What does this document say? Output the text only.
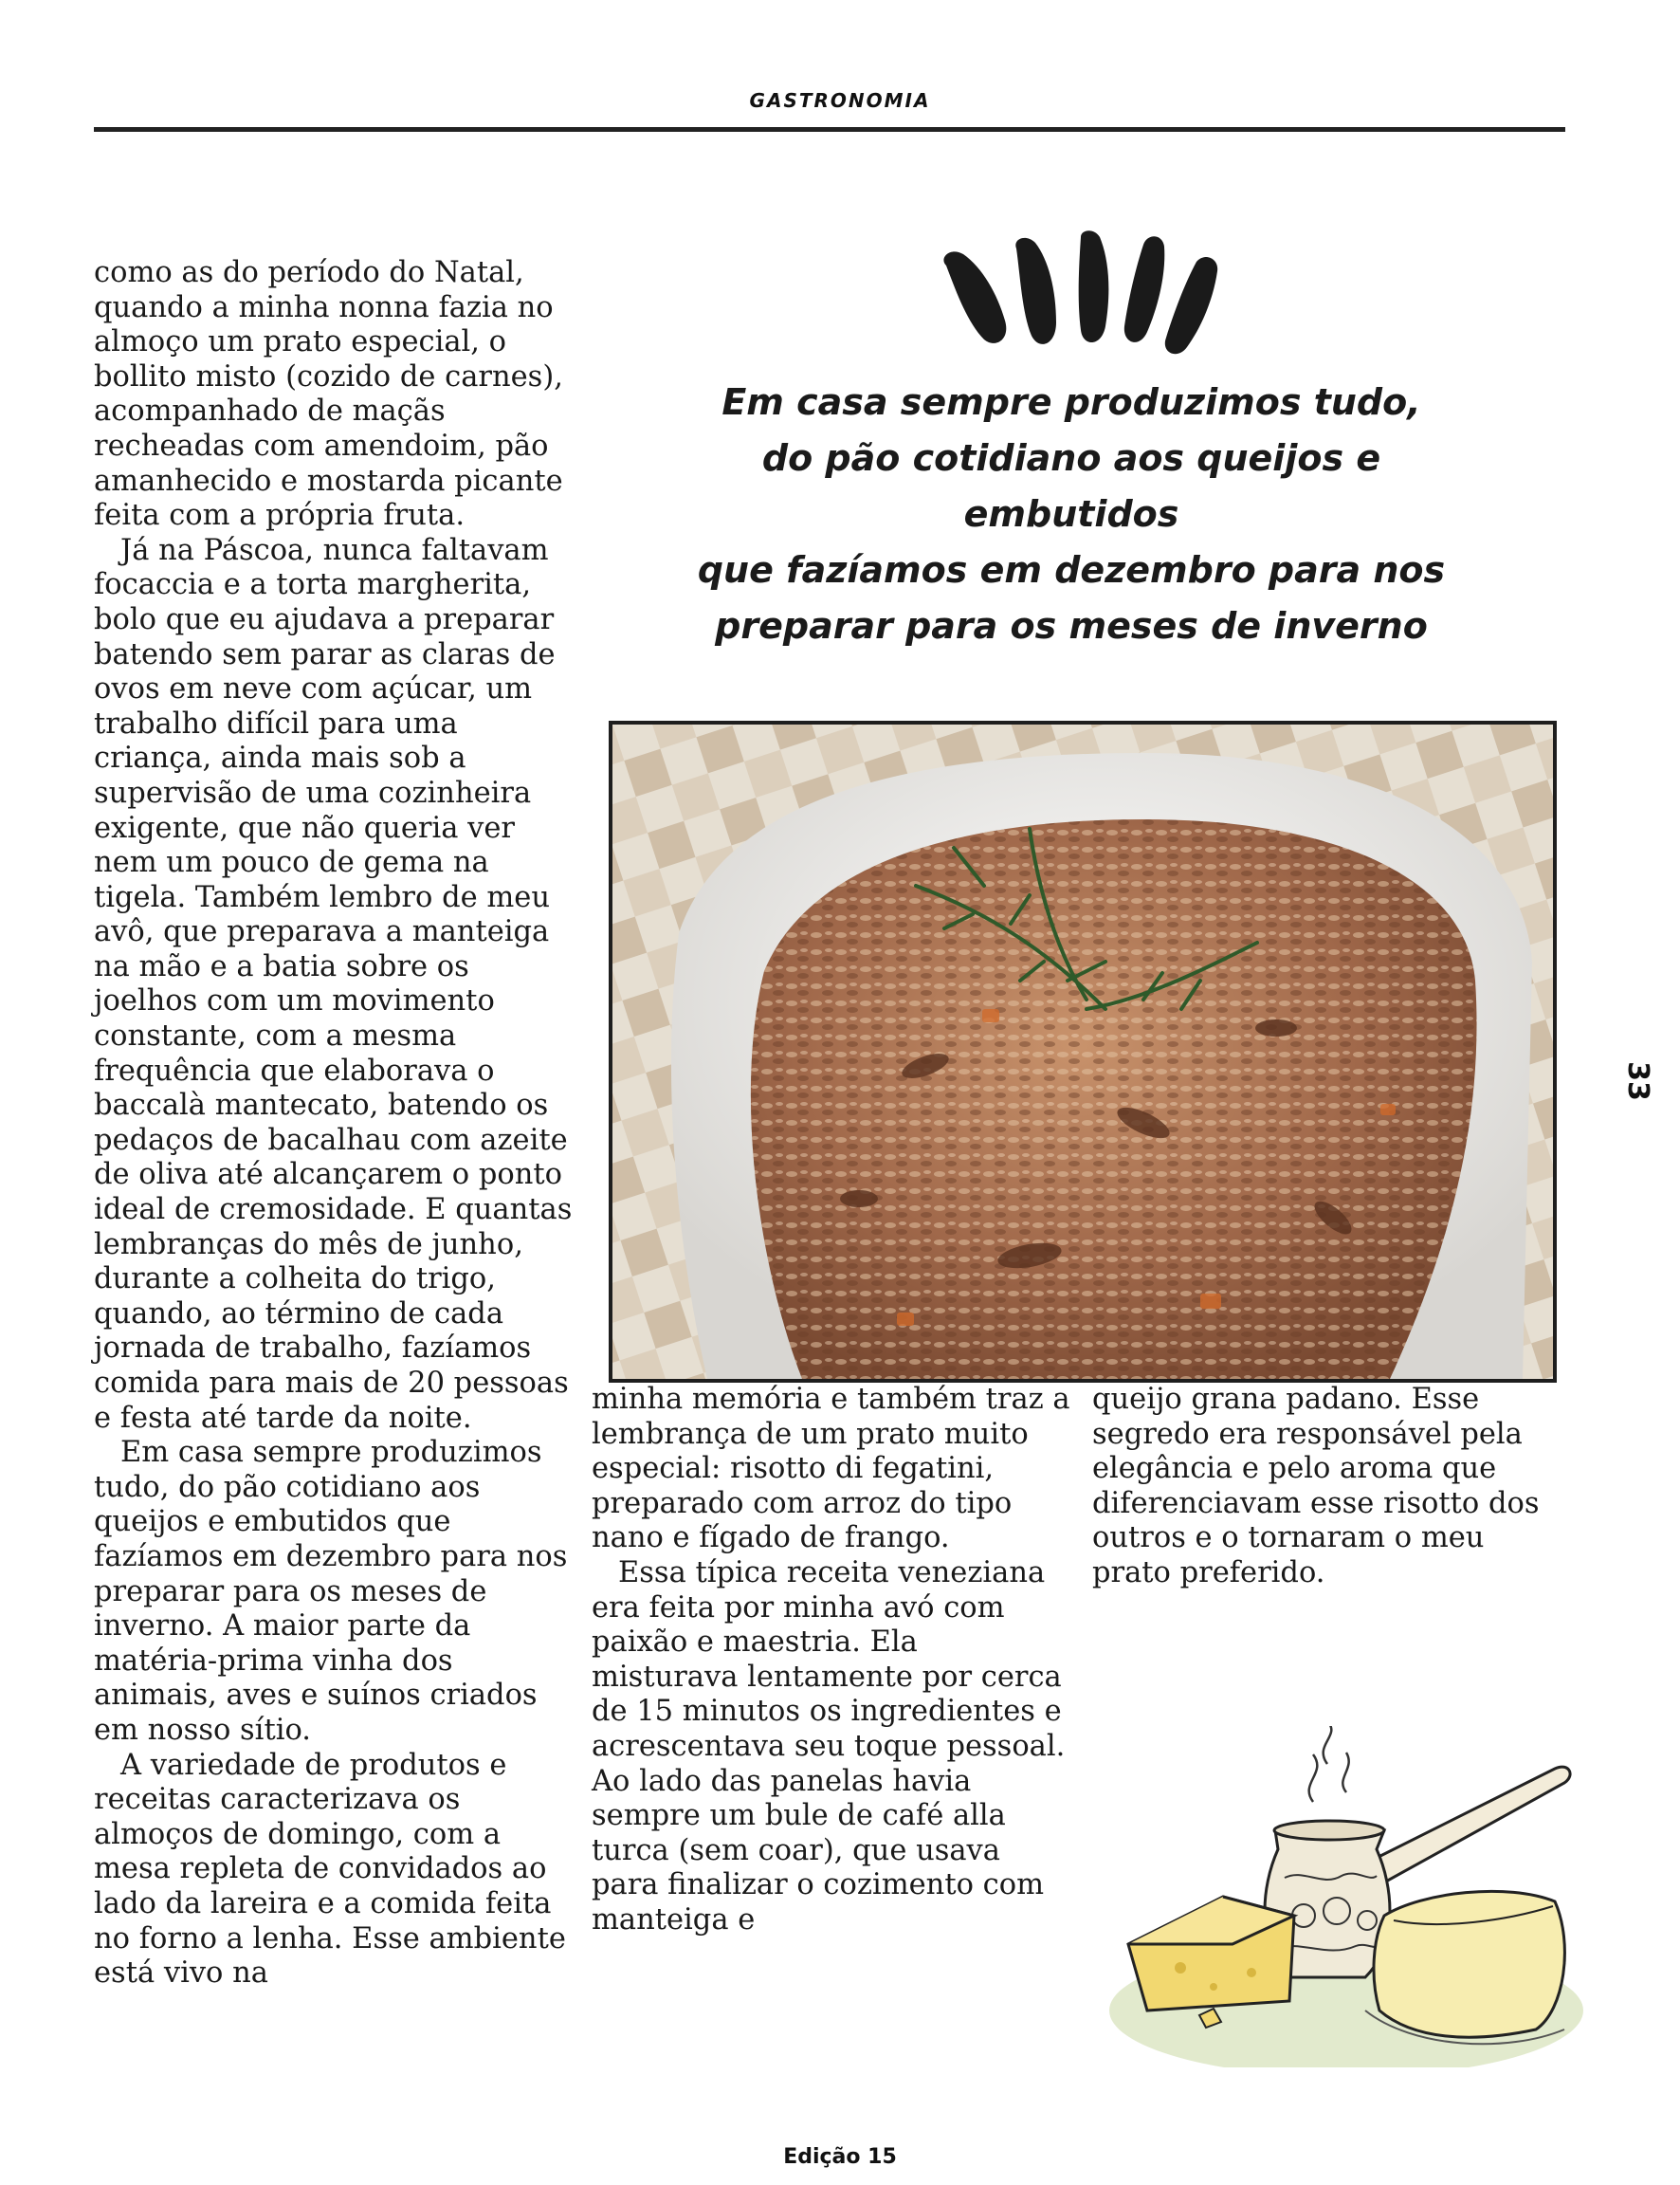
GASTRONOMIA

como as do período do Natal, quando a minha nonna fazia no almoço um prato especial, o bollito misto (cozido de carnes), acompanhado de maçãs recheadas com amendoim, pão amanhecido e mostarda picante feita com a própria fruta.

Já na Páscoa, nunca faltavam focaccia e a torta margherita, bolo que eu ajudava a preparar batendo sem parar as claras de ovos em neve com açúcar, um trabalho difícil para uma criança, ainda mais sob a supervisão de uma cozinheira exigente, que não queria ver nem um pouco de gema na tigela. Também lembro de meu avô, que preparava a manteiga na mão e a batia sobre os joelhos com um movimento constante, com a mesma frequência que elaborava o baccalà mantecato, batendo os pedaços de bacalhau com azeite de oliva até alcançarem o ponto ideal de cremosidade. E quantas lembranças do mês de junho, durante a colheita do trigo, quando, ao término de cada jornada de trabalho, fazíamos comida para mais de 20 pessoas e festa até tarde da noite.

Em casa sempre produzimos tudo, do pão cotidiano aos queijos e embutidos que fazíamos em dezembro para nos preparar para os meses de inverno. A maior parte da matéria-prima vinha dos animais, aves e suínos criados em nosso sítio.

A variedade de produtos e receitas caracterizava os almoços de domingo, com a mesa repleta de convidados ao lado da lareira e a comida feita no forno a lenha. Esse ambiente está vivo na

Em casa sempre produzimos tudo,
do pão cotidiano aos queijos e embutidos
que fazíamos em dezembro para nos
preparar para os meses de inverno

minha memória e também traz a lembrança de um prato muito especial: risotto di fegatini, preparado com arroz do tipo nano e fígado de frango.

Essa típica receita veneziana era feita por minha avó com paixão e maestria. Ela misturava lentamente por cerca de 15 minutos os ingredientes e acrescentava seu toque pessoal. Ao lado das panelas havia sempre um bule de café alla turca (sem coar), que usava para finalizar o cozimento com manteiga e

queijo grana padano. Esse segredo era responsável pela elegância e pelo aroma que diferenciavam esse risotto dos outros e o tornaram o meu prato preferido.

33
Edição 15
